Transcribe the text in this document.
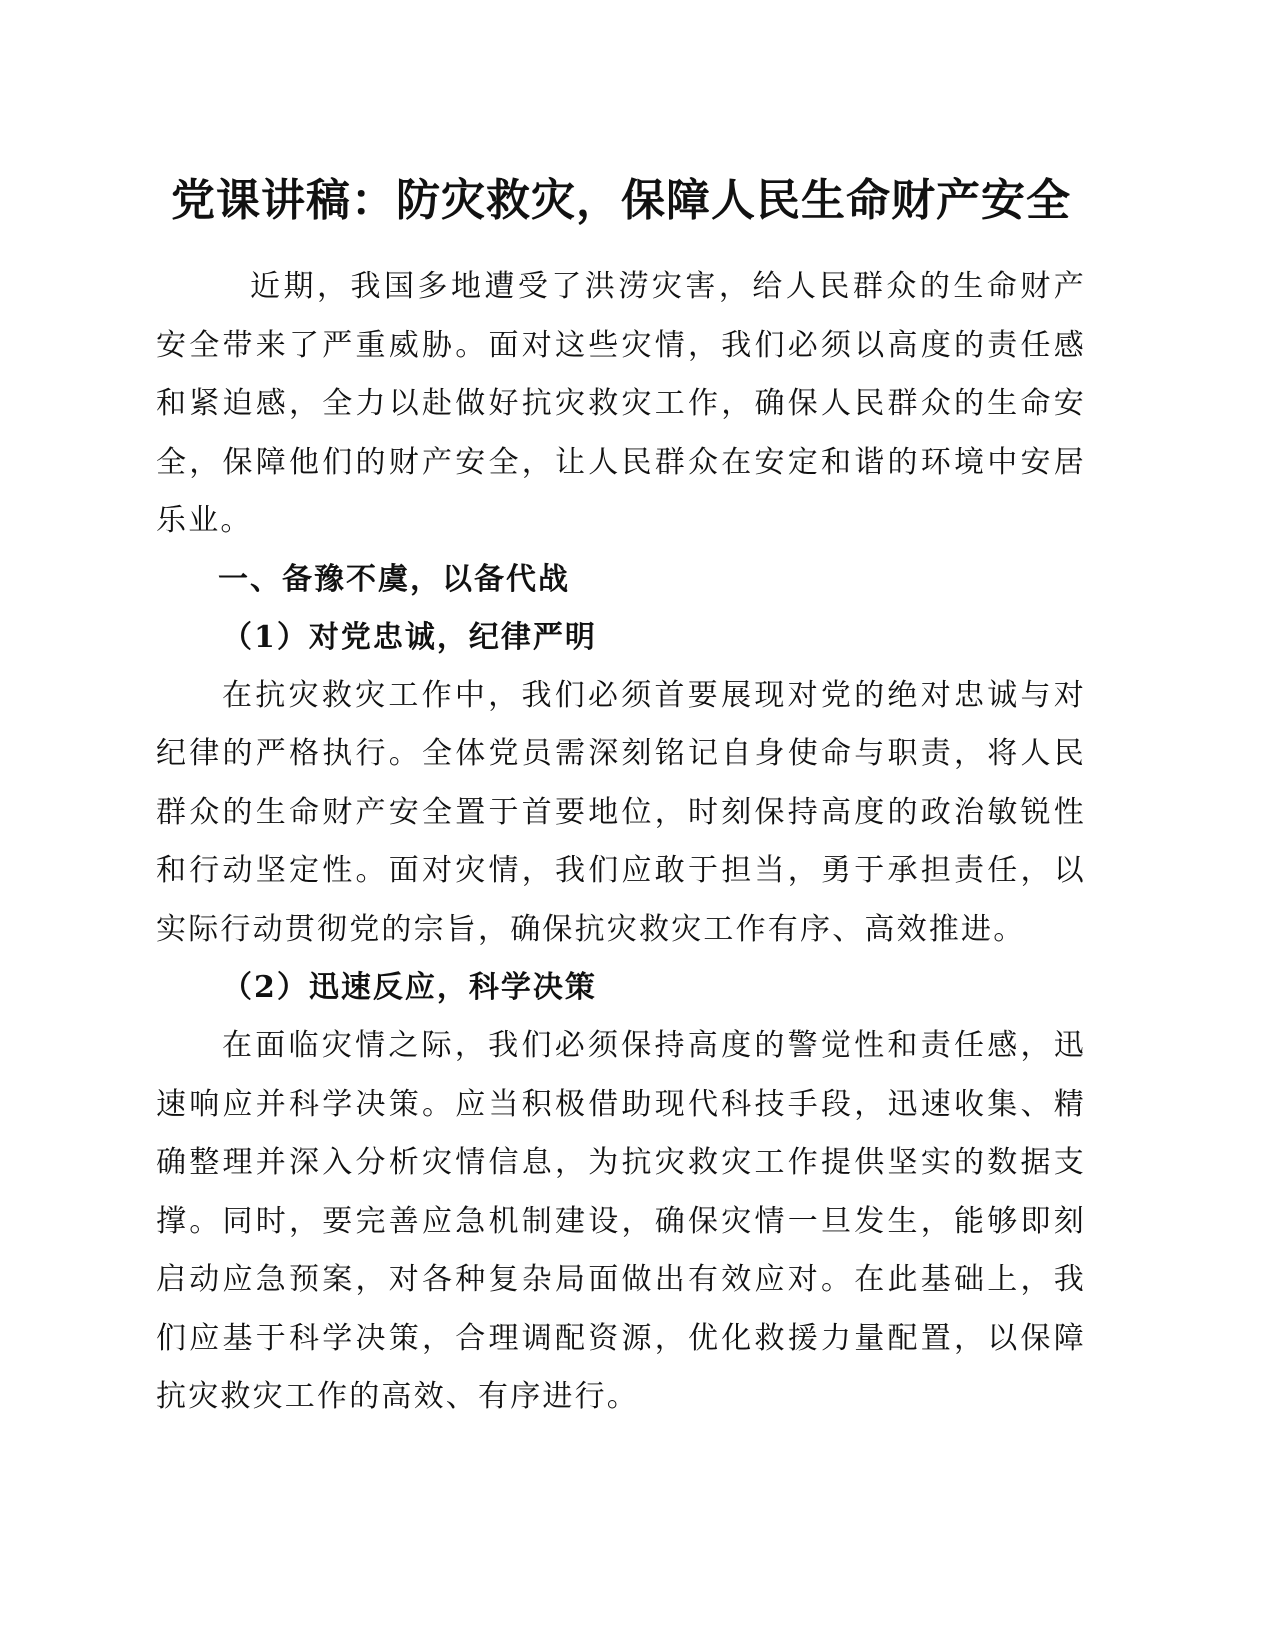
党课讲稿：防灾救灾，保障人民生命财产安全

近期，我国多地遭受了洪涝灾害，给人民群众的生命财产安全带来了严重威胁。面对这些灾情，我们必须以高度的责任感和紧迫感，全力以赴做好抗灾救灾工作，确保人民群众的生命安全，保障他们的财产安全，让人民群众在安定和谐的环境中安居乐业。

一、备豫不虞，以备代战
（1）对党忠诚，纪律严明

在抗灾救灾工作中，我们必须首要展现对党的绝对忠诚与对纪律的严格执行。全体党员需深刻铭记自身使命与职责，将人民群众的生命财产安全置于首要地位，时刻保持高度的政治敏锐性和行动坚定性。面对灾情，我们应敢于担当，勇于承担责任，以实际行动贯彻党的宗旨，确保抗灾救灾工作有序、高效推进。

（2）迅速反应，科学决策

在面临灾情之际，我们必须保持高度的警觉性和责任感，迅速响应并科学决策。应当积极借助现代科技手段，迅速收集、精确整理并深入分析灾情信息，为抗灾救灾工作提供坚实的数据支撑。同时，要完善应急机制建设，确保灾情一旦发生，能够即刻启动应急预案，对各种复杂局面做出有效应对。在此基础上，我们应基于科学决策，合理调配资源，优化救援力量配置，以保障抗灾救灾工作的高效、有序进行。
